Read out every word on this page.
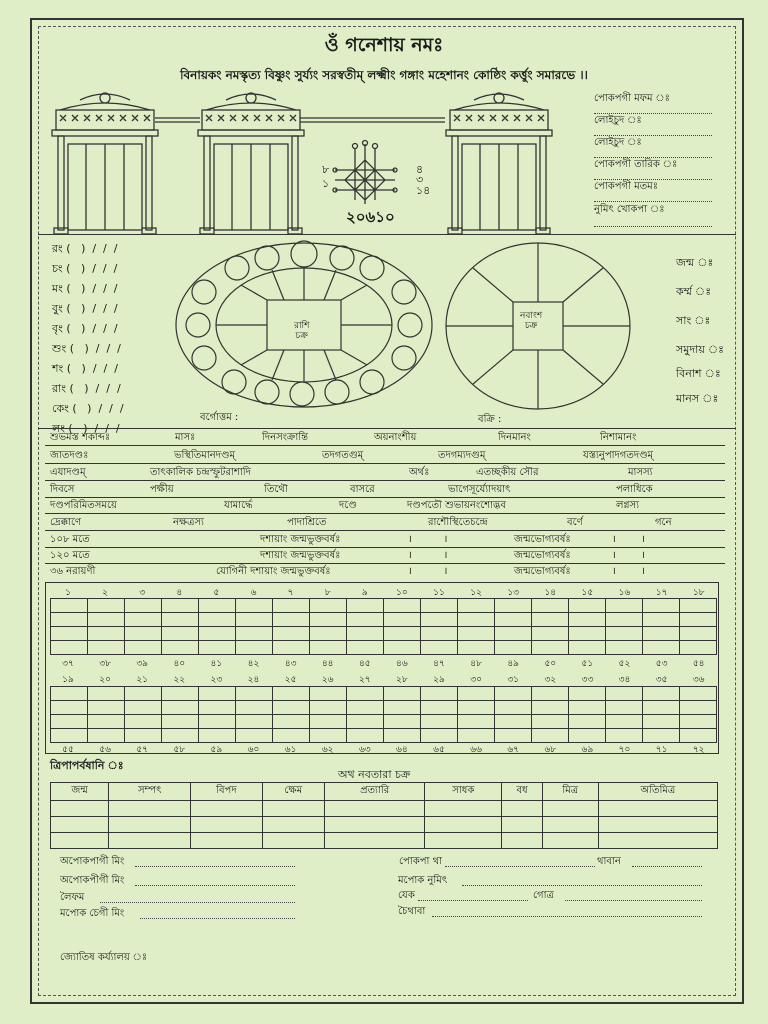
ওঁ গনেশায় নমঃ
বিনায়কং নমস্কৃত্য বিষ্ণুং সুর্য্যং সরস্বতীম্ লক্ষ্মীং গঙ্গাং মহেশানং কোষ্ঠিং কর্ত্তুং সমারভে ।।
৮
১
৪
৩
১৪
২০৬১০
পোকপগী মফম ঃ
লোইচুদ ঃ
লোইচুদ ঃ
পোকপগী তারিক ঃ
পোকপগী মতমঃ
নুমিৎ খোকপা ঃ
রং (   )  /  /  /
চং (   )  /  /  /
মং (   )  /  /  /
বুং (   )  /  /  /
বৃং (   )  /  /  /
শুং (   )  /  /  /
শং (   )  /  /  /
রাং (   )  /  /  /
কেং (   )  /  /  /
লং (   )  /  /  /
রাশি
চক্র
নবাংশ
চক্র
জন্ম ঃ
কর্ম্ম ঃ
সাং ঃ
সমুদায় ঃ
বিনাশ ঃ
মানস ঃ
বর্গোত্তম :	বক্রি :
শুভমস্ত শকাব্দঃ	মাসঃ	দিনসংক্রান্তি	অয়নাংশীয়	দিনমানং	নিশামানং
জাতদণ্ডঃ	ভস্থিতিমানদণ্ডম্	তদগতগুম্	তদগম্যদগুম্	যস্ত্যনুপাদগতদণ্ডম্
এযাদণ্ডম্	তাৎকালিক চন্দ্রস্ফুটরাশাদি	অর্থঃ	এতচ্ছকীয় সৌর	মাসস্য
দিবসে	পক্ষীয়	তিথৌ	বাসরে	ভাগেসূর্য্যোদয়াৎ	পলাধিকে
দণ্ডপরিমিতসময়ে	যামার্দ্ধে	দণ্ডে	দণ্ডপতৌ শুভায়নংশোদ্ভব	লগ্নস্য
দ্রেক্কাণে	নক্ষত্রস্য	পাদাশ্রিতে	রাশৌস্থিতেচন্দ্রে	বর্ণে	গনে
১০৮ মতে	দশায়াং জন্মভুক্তবর্ষঃ	।          ।	জন্মভোগ্যবর্ষঃ	।        ।
১২০ মতে	দশায়াং জন্মভুক্তবর্ষঃ	।          ।	জন্মভোগ্যবর্ষঃ	।        ।
৩৬ নরায়ণী	যোগিনী দশায়াং জন্মভুক্তবর্ষঃ	।          ।	জন্মভোগ্যবর্ষঃ	।        ।

১	২	৩	৪	৫	৬	৭	৮	৯	১০	১১	১২	১৩	১৪	১৫	১৬	১৭	১৮
৩৭	৩৮	৩৯	৪০	৪১	৪২	৪৩	৪৪	৪৫	৪৬	৪৭	৪৮	৪৯	৫০	৫১	৫২	৫৩	৫৪
১৯	২০	২১	২২	২৩	২৪	২৫	২৬	২৭	২৮	২৯	৩০	৩১	৩২	৩৩	৩৪	৩৫	৩৬
৫৫	৫৬	৫৭	৫৮	৫৯	৬০	৬১	৬২	৬৩	৬৪	৬৫	৬৬	৬৭	৬৮	৬৯	৭০	৭১	৭২
ত্রিপাপর্বষানি ঃ
অথ নবতারা চক্র
জন্ম	সম্পৎ	বিপদ	ক্ষেম	প্রত্যারি	সাধক	বধ	মিত্র	অতিমিত্র

অপোকপাগী মিং
অপোকপীগী মিং
লৈফম
মপোক চেগী মিং
পোকপা থা	থাবান
মপোক নুমিৎ
যেক	গোত্র
চৈথাবা
জ্যোতিষ কর্য্যালয় ঃ
